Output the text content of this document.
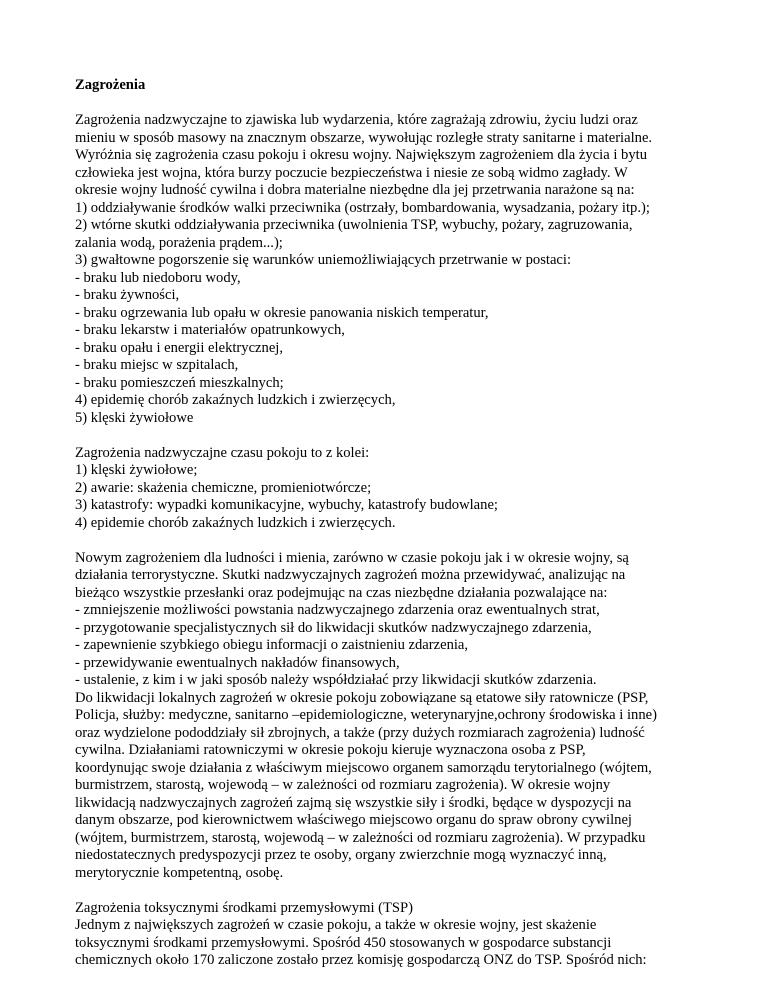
Zagrożenia
Zagrożenia nadzwyczajne to zjawiska lub wydarzenia, które zagrażają zdrowiu, życiu ludzi oraz
mieniu w sposób masowy na znacznym obszarze, wywołując rozległe straty sanitarne i materialne.
Wyróżnia się zagrożenia czasu pokoju i okresu wojny. Największym zagrożeniem dla życia i bytu
człowieka jest wojna, która burzy poczucie bezpieczeństwa i niesie ze sobą widmo zagłady. W
okresie wojny ludność cywilna i dobra materialne niezbędne dla jej przetrwania narażone są na:
1) oddziaływanie środków walki przeciwnika (ostrzały, bombardowania, wysadzania, pożary itp.);
2) wtórne skutki oddziaływania przeciwnika (uwolnienia TSP, wybuchy, pożary, zagruzowania,
zalania wodą, porażenia prądem...);
3) gwałtowne pogorszenie się warunków uniemożliwiających przetrwanie w postaci:
- braku lub niedoboru wody,
- braku żywności,
- braku ogrzewania lub opału w okresie panowania niskich temperatur,
- braku lekarstw i materiałów opatrunkowych,
- braku opału i energii elektrycznej,
- braku miejsc w szpitalach,
- braku pomieszczeń mieszkalnych;
4) epidemię chorób zakaźnych ludzkich i zwierzęcych,
5) klęski żywiołowe
Zagrożenia nadzwyczajne czasu pokoju to z kolei:
1) klęski żywiołowe;
2) awarie: skażenia chemiczne, promieniotwórcze;
3) katastrofy: wypadki komunikacyjne, wybuchy, katastrofy budowlane;
4) epidemie chorób zakaźnych ludzkich i zwierzęcych.
Nowym zagrożeniem dla ludności i mienia, zarówno w czasie pokoju jak i w okresie wojny, są
działania terrorystyczne. Skutki nadzwyczajnych zagrożeń można przewidywać, analizując na
bieżąco wszystkie przesłanki oraz podejmując na czas niezbędne działania pozwalające na:
- zmniejszenie możliwości powstania nadzwyczajnego zdarzenia oraz ewentualnych strat,
- przygotowanie specjalistycznych sił do likwidacji skutków nadzwyczajnego zdarzenia,
- zapewnienie szybkiego obiegu informacji o zaistnieniu zdarzenia,
- przewidywanie ewentualnych nakładów finansowych,
- ustalenie, z kim i w jaki sposób należy współdziałać przy likwidacji skutków zdarzenia.
Do likwidacji lokalnych zagrożeń w okresie pokoju zobowiązane są etatowe siły ratownicze (PSP,
Policja, służby: medyczne, sanitarno –epidemiologiczne, weterynaryjne,ochrony środowiska i inne)
oraz wydzielone pododdziały sił zbrojnych, a także (przy dużych rozmiarach zagrożenia) ludność
cywilna. Działaniami ratowniczymi w okresie pokoju kieruje wyznaczona osoba z PSP,
koordynując swoje działania z właściwym miejscowo organem samorządu terytorialnego (wójtem,
burmistrzem, starostą, wojewodą – w zależności od rozmiaru zagrożenia). W okresie wojny
likwidacją nadzwyczajnych zagrożeń zajmą się wszystkie siły i środki, będące w dyspozycji na
danym obszarze, pod kierownictwem właściwego miejscowo organu do spraw obrony cywilnej
(wójtem, burmistrzem, starostą, wojewodą – w zależności od rozmiaru zagrożenia). W przypadku
niedostatecznych predyspozycji przez te osoby, organy zwierzchnie mogą wyznaczyć inną,
merytorycznie kompetentną, osobę.
Zagrożenia toksycznymi środkami przemysłowymi (TSP)
Jednym z największych zagrożeń w czasie pokoju, a także w okresie wojny, jest skażenie
toksycznymi środkami przemysłowymi. Spośród 450 stosowanych w gospodarce substancji
chemicznych około 170 zaliczone zostało przez komisję gospodarczą ONZ do TSP. Spośród nich:
